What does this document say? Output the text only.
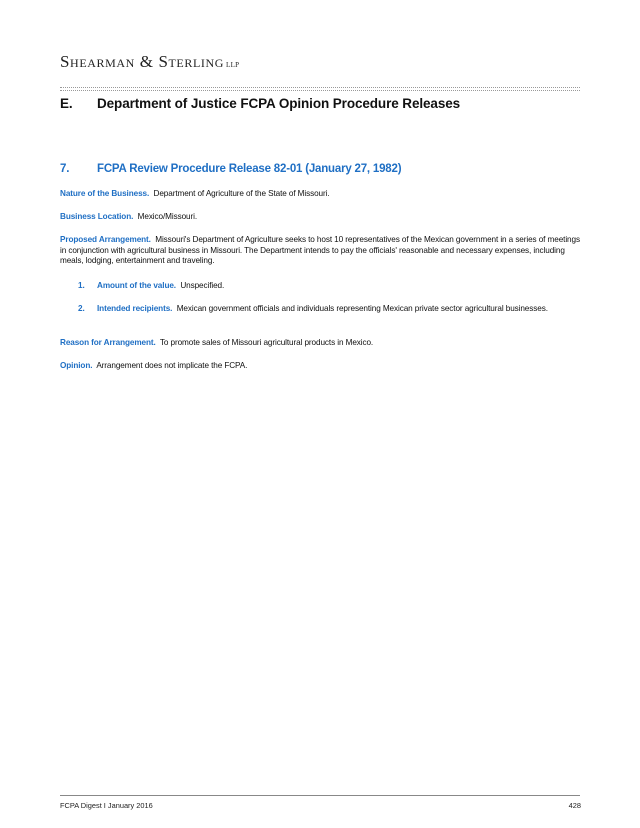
Shearman & Sterling LLP
E. Department of Justice FCPA Opinion Procedure Releases
7. FCPA Review Procedure Release 82-01 (January 27, 1982)
Nature of the Business. Department of Agriculture of the State of Missouri.
Business Location. Mexico/Missouri.
Proposed Arrangement. Missouri's Department of Agriculture seeks to host 10 representatives of the Mexican government in a series of meetings in conjunction with agricultural business in Missouri. The Department intends to pay the officials' reasonable and necessary expenses, including meals, lodging, entertainment and traveling.
1. Amount of the value. Unspecified.
2. Intended recipients. Mexican government officials and individuals representing Mexican private sector agricultural businesses.
Reason for Arrangement. To promote sales of Missouri agricultural products in Mexico.
Opinion. Arrangement does not implicate the FCPA.
FCPA Digest I January 2016	428
